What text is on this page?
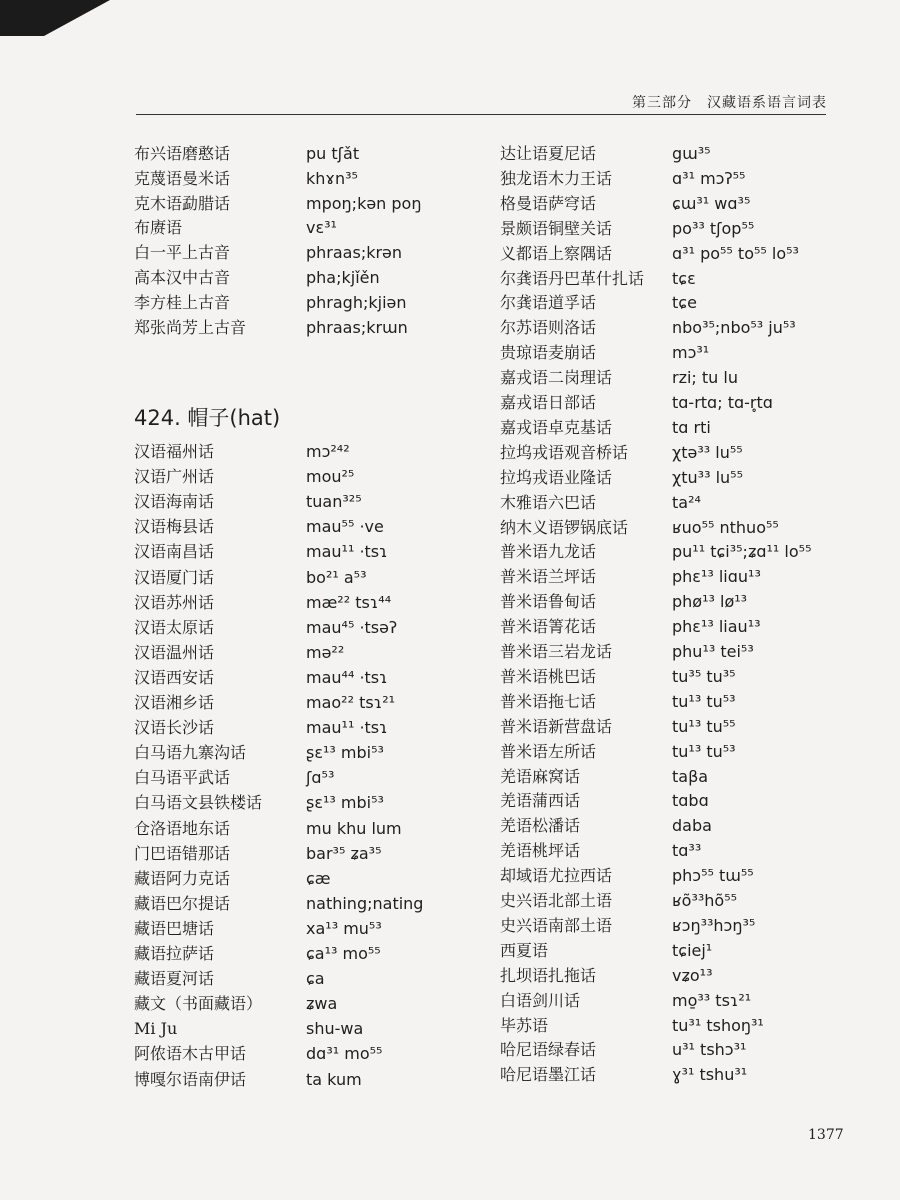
第三部分　汉藏语系语言词表
布兴语磨憨话	pu tʃǎt
克蔑语曼米话	khɤn³⁵
克木语勐腊话	mpoŋ;kən poŋ
布赓语	vɛ³¹
白一平上古音	phraas;krən
高本汉中古音	pha;kjǐěn
李方桂上古音	phragh;kjiən
郑张尚芳上古音	phraas;krɯn
424. 帽子(hat)
汉语福州话	mɔ²⁴²
汉语广州话	mou²⁵
汉语海南话	tuan³²⁵
汉语梅县话	mau⁵⁵ ·ve
汉语南昌话	mau¹¹ ·tsɿ
汉语厦门话	bo²¹ a⁵³
汉语苏州话	mæ²² tsɿ⁴⁴
汉语太原话	mau⁴⁵ ·tsəʔ
汉语温州话	mə²²
汉语西安话	mau⁴⁴ ·tsɿ
汉语湘乡话	mao²² tsɿ²¹
汉语长沙话	mau¹¹ ·tsɿ
白马语九寨沟话	ʂɛ¹³ mbi⁵³
白马语平武话	ʃɑ⁵³
白马语文县铁楼话	ʂɛ¹³ mbi⁵³
仓洛语地东话	mu khu lum
门巴语错那话	bar³⁵ ʑa³⁵
藏语阿力克话	ɕæ
藏语巴尔提话	nathing;nating
藏语巴塘话	xa¹³ mu⁵³
藏语拉萨话	ɕa¹³ mo⁵⁵
藏语夏河话	ɕa
藏文（书面藏语）	ʑwa
Mi Ju	shu-wa
阿侬语木古甲话	dɑ³¹ mo⁵⁵
博嘎尔语南伊话	ta kum
达让语夏尼话	gɯ³⁵
独龙语木力王话	ɑ³¹ mɔʔ⁵⁵
格曼语萨穹话	ɕɯ³¹ wɑ³⁵
景颇语铜壁关话	po³³ tʃop⁵⁵
义都语上察隅话	ɑ³¹ po⁵⁵ to⁵⁵ lo⁵³
尔龚语丹巴革什扎话 tɕɛ
尔龚语道孚话	tɕe
尔苏语则洛话	nbo³⁵;nbo⁵³ ju⁵³
贵琼语麦崩话	mɔ³¹
嘉戎语二岗理话	rzi; tu lu
嘉戎语日部话	tɑ-rtɑ; tɑ-r̥tɑ
嘉戎语卓克基话	tɑ rti
拉坞戎语观音桥话	χtə³³ lu⁵⁵
拉坞戎语业隆话	χtu³³ lu⁵⁵
木雅语六巴话	ta²⁴
纳木义语锣锅底话	ʁuo⁵⁵ nthuo⁵⁵
普米语九龙话	pu¹¹ tɕi³⁵;ʑɑ¹¹ lo⁵⁵
普米语兰坪话	phɛ¹³ liɑu¹³
普米语鲁甸话	phø¹³ lø¹³
普米语箐花话	phɛ¹³ liau¹³
普米语三岩龙话	phu¹³ tei⁵³
普米语桃巴话	tu³⁵ tu³⁵
普米语拖七话	tu¹³ tu⁵³
普米语新营盘话	tu¹³ tu⁵⁵
普米语左所话	tu¹³ tu⁵³
羌语麻窝话	taβa
羌语蒲西话	tɑbɑ
羌语松潘话	daba
羌语桃坪话	tɑ³³
却域语尤拉西话	phɔ⁵⁵ tɯ⁵⁵
史兴语北部土语	ʁõ³³hõ⁵⁵
史兴语南部土语	ʁɔŋ³³hɔŋ³⁵
西夏语	tɕiej¹
扎坝语扎拖话	vʑo¹³
白语剑川话	mo̱³³ tsɿ²¹
毕苏语	tu³¹ tshoŋ³¹
哈尼语绿春话	u³¹ tshɔ³¹
哈尼语墨江话	ɣ³¹ tshu³¹
1377
